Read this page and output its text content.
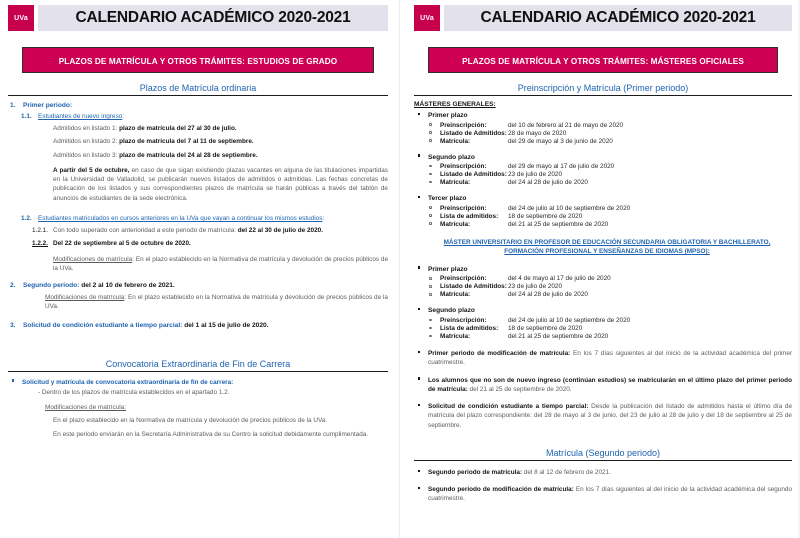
UVa	CALENDARIO ACADÉMICO 2020-2021
PLAZOS DE MATRÍCULA Y OTROS TRÁMITES: ESTUDIOS DE GRADO
Plazos de Matrícula ordinaria
1. Primer periodo:
1.1. Estudiantes de nuevo ingreso:
Admitidos en listado 1: plazo de matrícula del 27 al 30 de julio.
Admitidos en listado 2: plazo de matrícula del 7 al 11 de septiembre.
Admitidos en listado 3: plazo de matrícula del 24 al 28 de septiembre.
A partir del 5 de octubre, en caso de que sigan existiendo plazas vacantes en alguna de las titulaciones impartidas en la Universidad de Valladolid, se publicarán nuevos listados de admitidos o admitidas. Las fechas concretas de publicación de los listados y sus correspondientes plazos de matrícula se harán públicas a través del tablón de anuncios de estudiantes de la sede electrónica.
1.2. Estudiantes matriculados en cursos anteriores en la UVa que vayan a continuar los mismos estudios:
1.2.1. Con todo superado con anterioridad a este periodo de matrícula: del 22 al 30 de julio de 2020.
1.2.2. Del 22 de septiembre al 5 de octubre de 2020.
Modificaciones de matrícula: En el plazo establecido en la Normativa de matrícula y devolución de precios públicos de la UVa.
2. Segundo periodo: del 2 al 10 de febrero de 2021.
Modificaciones de matrícula: En el plazo establecido en la Normativa de matrícula y devolución de precios públicos de la UVa.
3. Solicitud de condición estudiante a tiempo parcial: del 1 al 15 de julio de 2020.
Convocatoria Extraordinaria de Fin de Carrera
Solicitud y matrícula de convocatoria extraordinaria de fin de carrera:
- Dentro de los plazos de matrícula establecidos en el apartado 1.2.
Modificaciones de matrícula:
En el plazo establecido en la Normativa de matrícula y devolución de precios públicos de la UVa.
En este periodo enviarán en la Secretaría Administrativa de su Centro la solicitud debidamente cumplimentada.
UVa	CALENDARIO ACADÉMICO 2020-2021
PLAZOS DE MATRÍCULA Y OTROS TRÁMITES: MÁSTERES OFICIALES
Preinscripción y Matrícula (Primer periodo)
MÁSTERES GENERALES:
Primer plazo
Preinscripción:	del 10 de febrero al 21 de mayo de 2020
Listado de Admitidos: 28 de mayo de 2020
Matrícula:	del 29 de mayo al 3 de junio de 2020
Segundo plazo
Preinscripción:	del 29 de mayo al 17 de julio de 2020
Listado de Admitidos: 23 de julio de 2020
Matrícula:	del 24 al 28 de julio de 2020
Tercer plazo
Preinscripción:	del 24 de julio al 10 de septiembre de 2020
Lista de admitidos:	18 de septiembre de 2020
Matrícula:	del 21 al 25 de septiembre de 2020
MÁSTER UNIVERSITARIO EN PROFESOR DE EDUCACIÓN SECUNDARIA OBLIGATORIA Y BACHILLERATO, FORMACIÓN PROFESIONAL Y ENSEÑANZAS DE IDIOMAS (MPSO):
Primer plazo
Preinscripción:	del 4 de mayo al 17 de julio de 2020
Listado de Admitidos: 23 de julio de 2020
Matrícula:	del 24 al 28 de julio de 2020
Segundo plazo
Preinscripción:	del 24 de julio al 10 de septiembre de 2020
Lista de admitidos:	18 de septiembre de 2020
Matrícula:	del 21 al 25 de septiembre de 2020
Primer periodo de modificación de matrícula: En los 7 días siguientes al del inicio de la actividad académica del primer cuatrimestre.
Los alumnos que no son de nuevo ingreso (continúan estudios) se matricularán en el último plazo del primer periodo de matrícula: del 21 al 25 de septiembre de 2020.
Solicitud de condición estudiante a tiempo parcial: Desde la publicación del listado de admitidos hasta el último día de matrícula del plazo correspondiente: del 28 de mayo al 3 de junio, del 23 de julio al 28 de julio y del 18 de septiembre al 25 de septiembre.
Matrícula (Segundo periodo)
Segundo periodo de matrícula: del 8 al 12 de febrero de 2021.
Segundo periodo de modificación de matrícula: En los 7 días siguientes al del inicio de la actividad académica del segundo cuatrimestre.
